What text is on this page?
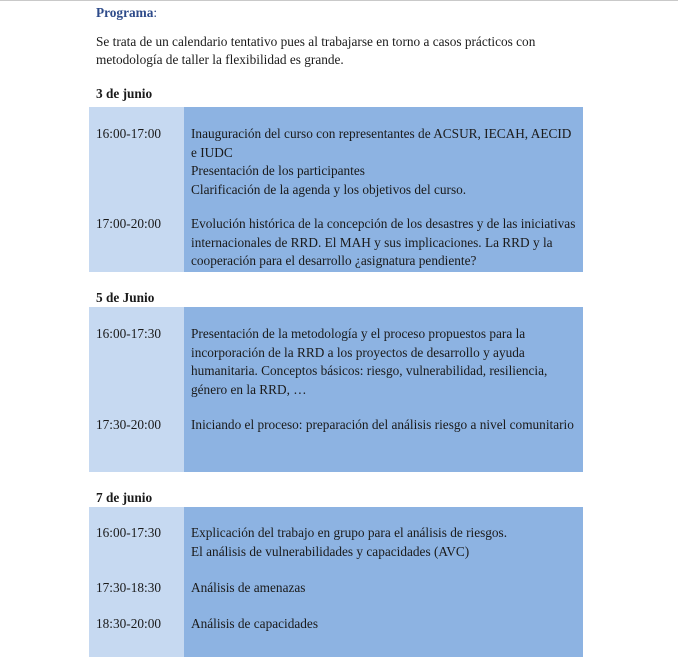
Programa:
Se trata de un calendario tentativo pues al trabajarse en torno a casos prácticos con metodología de taller la flexibilidad es grande.
3 de junio
16:00-17:00 Inauguración del curso con representantes de ACSUR, IECAH, AECID e IUDC
Presentación de los participantes
Clarificación de la agenda y los objetivos del curso.
17:00-20:00 Evolución histórica de la concepción de los desastres y de las iniciativas internacionales de RRD. El MAH y sus implicaciones. La RRD y la cooperación para el desarrollo ¿asignatura pendiente?
5 de Junio
16:00-17:30 Presentación de la metodología y el proceso propuestos para la incorporación de la RRD a los proyectos de desarrollo y ayuda humanitaria. Conceptos básicos: riesgo, vulnerabilidad, resiliencia, género en la RRD, …
17:30-20:00 Iniciando el proceso: preparación del análisis riesgo a nivel comunitario
7 de junio
16:00-17:30 Explicación del trabajo en grupo para el análisis de riesgos.
El análisis de vulnerabilidades y capacidades (AVC)
17:30-18:30 Análisis de amenazas
18:30-20:00 Análisis de capacidades
